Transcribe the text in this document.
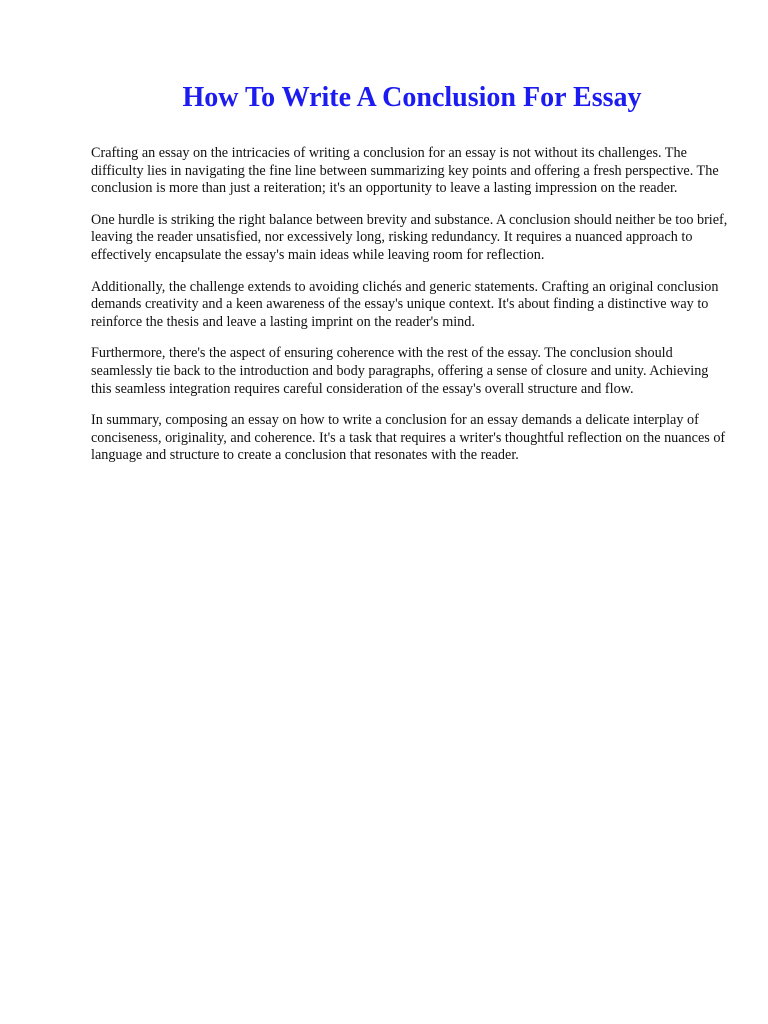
How To Write A Conclusion For Essay

Crafting an essay on the intricacies of writing a conclusion for an essay is not without its challenges. The difficulty lies in navigating the fine line between summarizing key points and offering a fresh perspective. The conclusion is more than just a reiteration; it's an opportunity to leave a lasting impression on the reader.

One hurdle is striking the right balance between brevity and substance. A conclusion should neither be too brief, leaving the reader unsatisfied, nor excessively long, risking redundancy. It requires a nuanced approach to effectively encapsulate the essay's main ideas while leaving room for reflection.

Additionally, the challenge extends to avoiding clichés and generic statements. Crafting an original conclusion demands creativity and a keen awareness of the essay's unique context. It's about finding a distinctive way to reinforce the thesis and leave a lasting imprint on the reader's mind.

Furthermore, there's the aspect of ensuring coherence with the rest of the essay. The conclusion should seamlessly tie back to the introduction and body paragraphs, offering a sense of closure and unity. Achieving this seamless integration requires careful consideration of the essay's overall structure and flow.

In summary, composing an essay on how to write a conclusion for an essay demands a delicate interplay of conciseness, originality, and coherence. It's a task that requires a writer's thoughtful reflection on the nuances of language and structure to create a conclusion that resonates with the reader.
